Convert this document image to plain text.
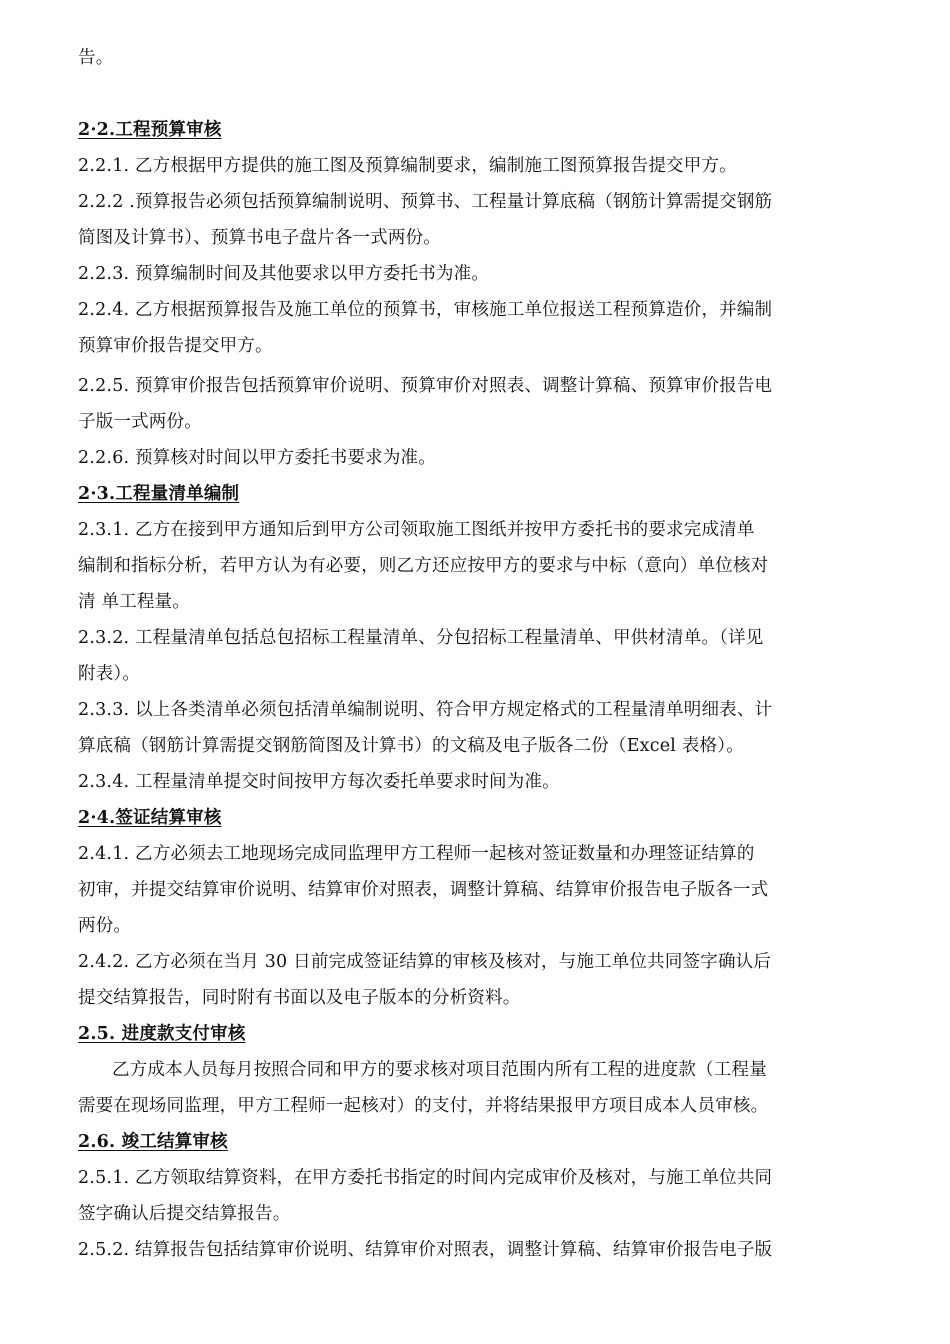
告。
2·2.工程预算审核
2.2.1. 乙方根据甲方提供的施工图及预算编制要求，编制施工图预算报告提交甲方。
2.2.2 .预算报告必须包括预算编制说明、预算书、工程量计算底稿（钢筋计算需提交钢筋
简图及计算书）、预算书电子盘片各一式两份。
2.2.3. 预算编制时间及其他要求以甲方委托书为准。
2.2.4. 乙方根据预算报告及施工单位的预算书，审核施工单位报送工程预算造价，并编制
预算审价报告提交甲方。
2.2.5. 预算审价报告包括预算审价说明、预算审价对照表、调整计算稿、预算审价报告电
子版一式两份。
2.2.6. 预算核对时间以甲方委托书要求为准。
2·3.工程量清单编制
2.3.1. 乙方在接到甲方通知后到甲方公司领取施工图纸并按甲方委托书的要求完成清单
编制和指标分析，若甲方认为有必要，则乙方还应按甲方的要求与中标（意向）单位核对
清 单工程量。
2.3.2. 工程量清单包括总包招标工程量清单、分包招标工程量清单、甲供材清单。（详见
附表）。
2.3.3. 以上各类清单必须包括清单编制说明、符合甲方规定格式的工程量清单明细表、计
算底稿（钢筋计算需提交钢筋简图及计算书）的文稿及电子版各二份（Excel 表格）。
2.3.4. 工程量清单提交时间按甲方每次委托单要求时间为准。
2·4.签证结算审核
2.4.1. 乙方必须去工地现场完成同监理甲方工程师一起核对签证数量和办理签证结算的
初审，并提交结算审价说明、结算审价对照表，调整计算稿、结算审价报告电子版各一式
两份。
2.4.2. 乙方必须在当月 30 日前完成签证结算的审核及核对，与施工单位共同签字确认后
提交结算报告，同时附有书面以及电子版本的分析资料。
2.5. 进度款支付审核
乙方成本人员每月按照合同和甲方的要求核对项目范围内所有工程的进度款（工程量
需要在现场同监理，甲方工程师一起核对）的支付，并将结果报甲方项目成本人员审核。
2.6. 竣工结算审核
2.5.1. 乙方领取结算资料，在甲方委托书指定的时间内完成审价及核对，与施工单位共同
签字确认后提交结算报告。
2.5.2. 结算报告包括结算审价说明、结算审价对照表，调整计算稿、结算审价报告电子版
